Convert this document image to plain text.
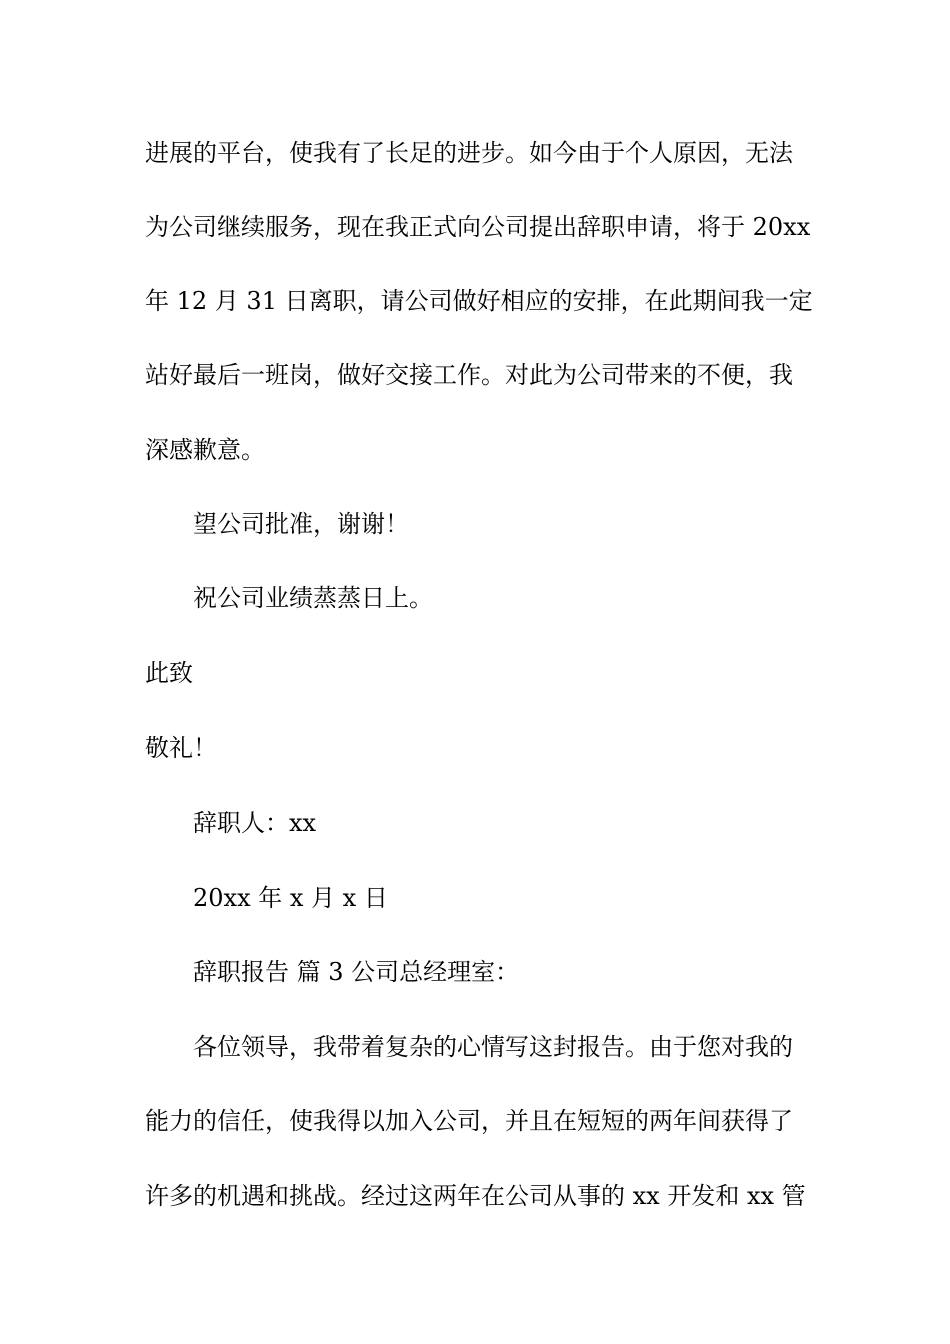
进展的平台，使我有了长足的进步。如今由于个人原因，无法
为公司继续服务，现在我正式向公司提出辞职申请，将于 20xx
年 12 月 31 日离职，请公司做好相应的安排，在此期间我一定
站好最后一班岗，做好交接工作。对此为公司带来的不便，我
深感歉意。
望公司批准，谢谢！
祝公司业绩蒸蒸日上。
此致
敬礼！
辞职人：xx
20xx 年 x 月 x 日
辞职报告 篇 3 公司总经理室：
各位领导，我带着复杂的心情写这封报告。由于您对我的
能力的信任，使我得以加入公司，并且在短短的两年间获得了
许多的机遇和挑战。经过这两年在公司从事的 xx 开发和 xx 管
